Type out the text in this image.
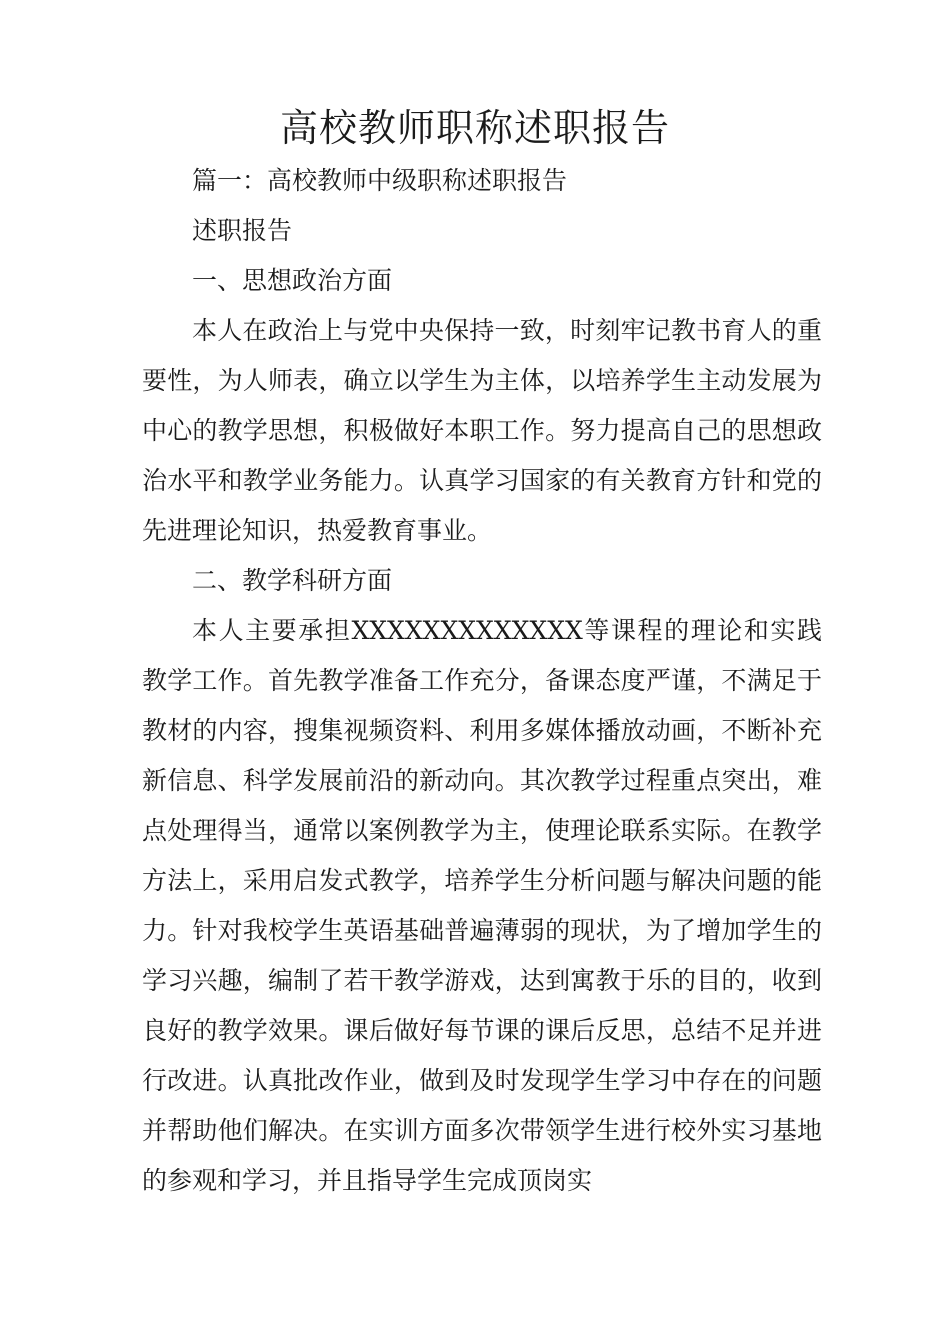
高校教师职称述职报告

篇一：高校教师中级职称述职报告

述职报告

一、思想政治方面

本人在政治上与党中央保持一致，时刻牢记教书育人的重要性，为人师表，确立以学生为主体，以培养学生主动发展为中心的教学思想，积极做好本职工作。努力提高自己的思想政治水平和教学业务能力。认真学习国家的有关教育方针和党的先进理论知识，热爱教育事业。

二、教学科研方面

本人主要承担XXXXXXXXXXXXX等课程的理论和实践教学工作。首先教学准备工作充分，备课态度严谨，不满足于教材的内容，搜集视频资料、利用多媒体播放动画，不断补充新信息、科学发展前沿的新动向。其次教学过程重点突出，难点处理得当，通常以案例教学为主，使理论联系实际。在教学方法上，采用启发式教学，培养学生分析问题与解决问题的能力。针对我校学生英语基础普遍薄弱的现状，为了增加学生的学习兴趣，编制了若干教学游戏，达到寓教于乐的目的，收到良好的教学效果。课后做好每节课的课后反思，总结不足并进行改进。认真批改作业，做到及时发现学生学习中存在的问题并帮助他们解决。在实训方面多次带领学生进行校外实习基地的参观和学习，并且指导学生完成顶岗实
